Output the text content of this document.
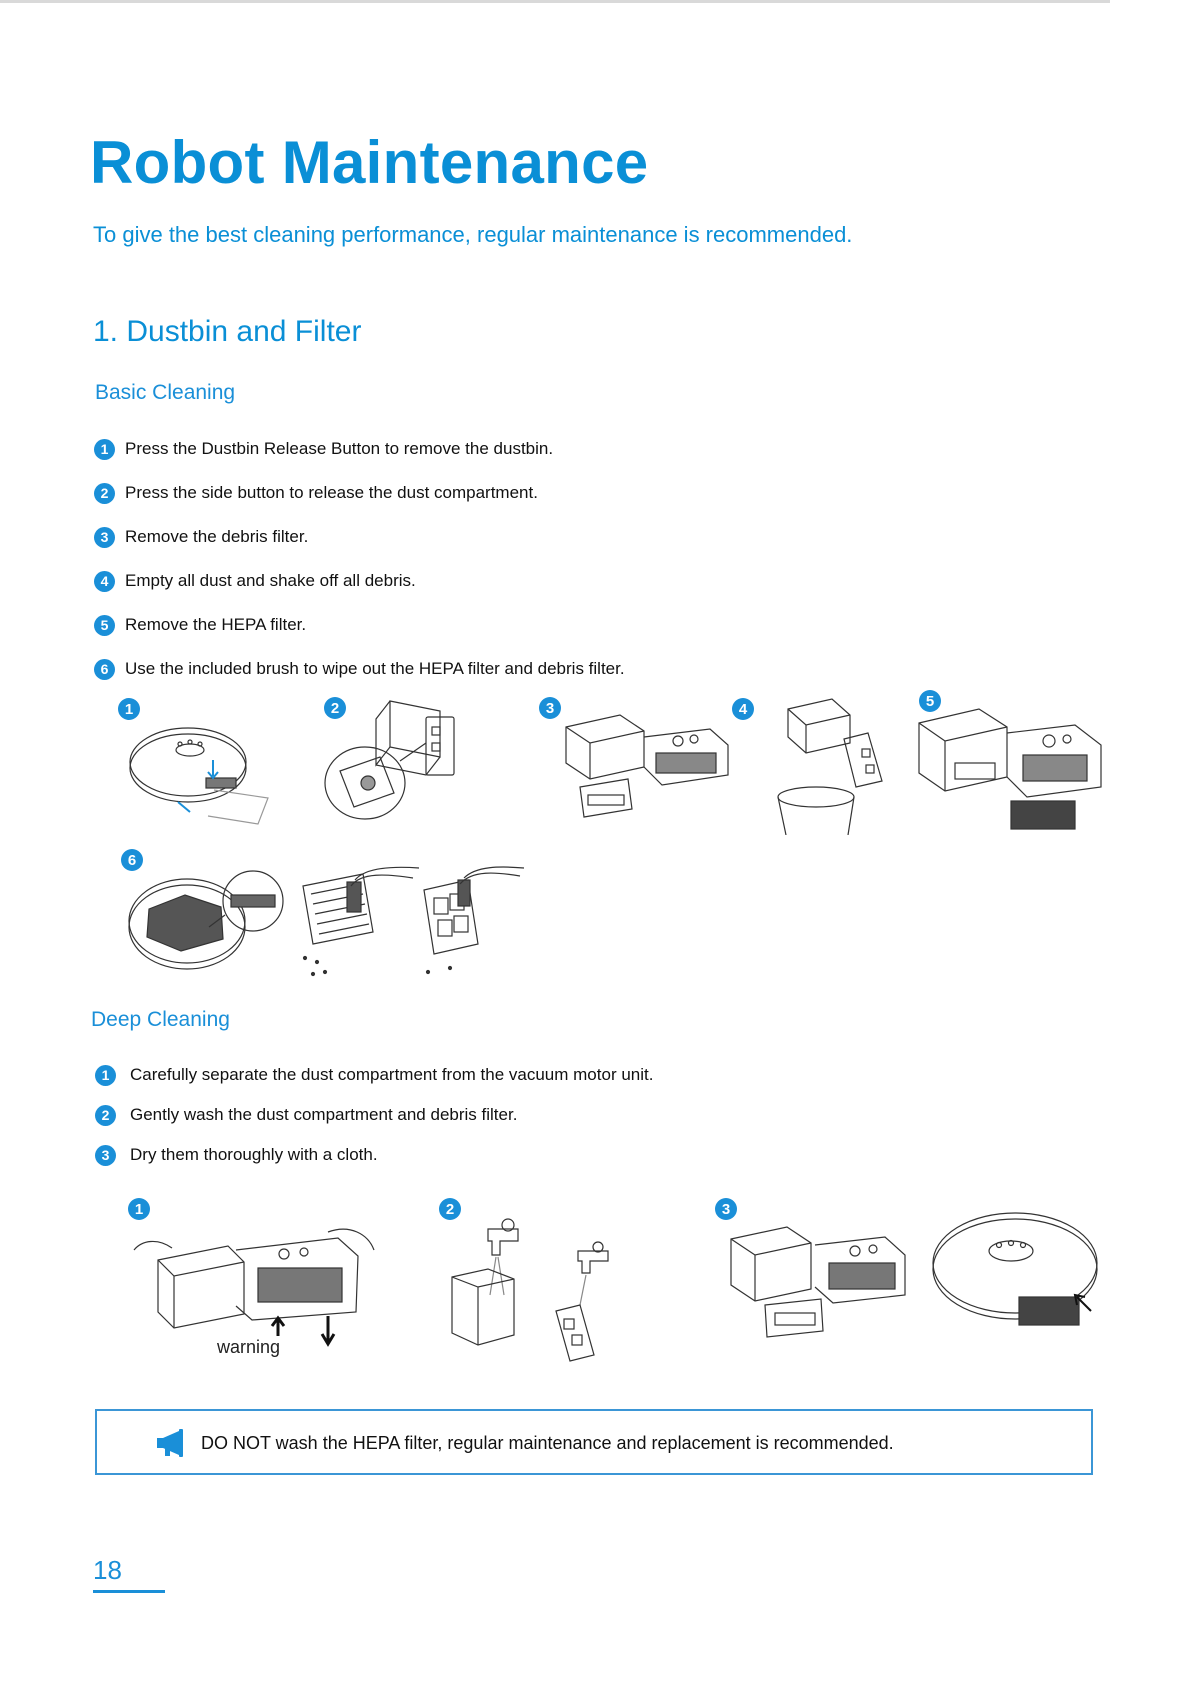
Robot Maintenance
To give the best cleaning performance, regular maintenance is recommended.
1. Dustbin and Filter
Basic Cleaning
1 Press the Dustbin Release Button to remove the dustbin.
2 Press the side button to release the dust compartment.
3 Remove the debris filter.
4 Empty all dust and shake off all debris.
5 Remove the HEPA filter.
6 Use the included brush to wipe out the HEPA filter and debris filter.
1	2	3	4	5
6
Deep Cleaning
1	Carefully separate the dust compartment from the vacuum motor unit.
2	Gently wash the dust compartment and debris filter.
3	Dry them thoroughly with a cloth.
1	2	3
warning
DO NOT wash the HEPA filter, regular maintenance and replacement is recommended.
18
